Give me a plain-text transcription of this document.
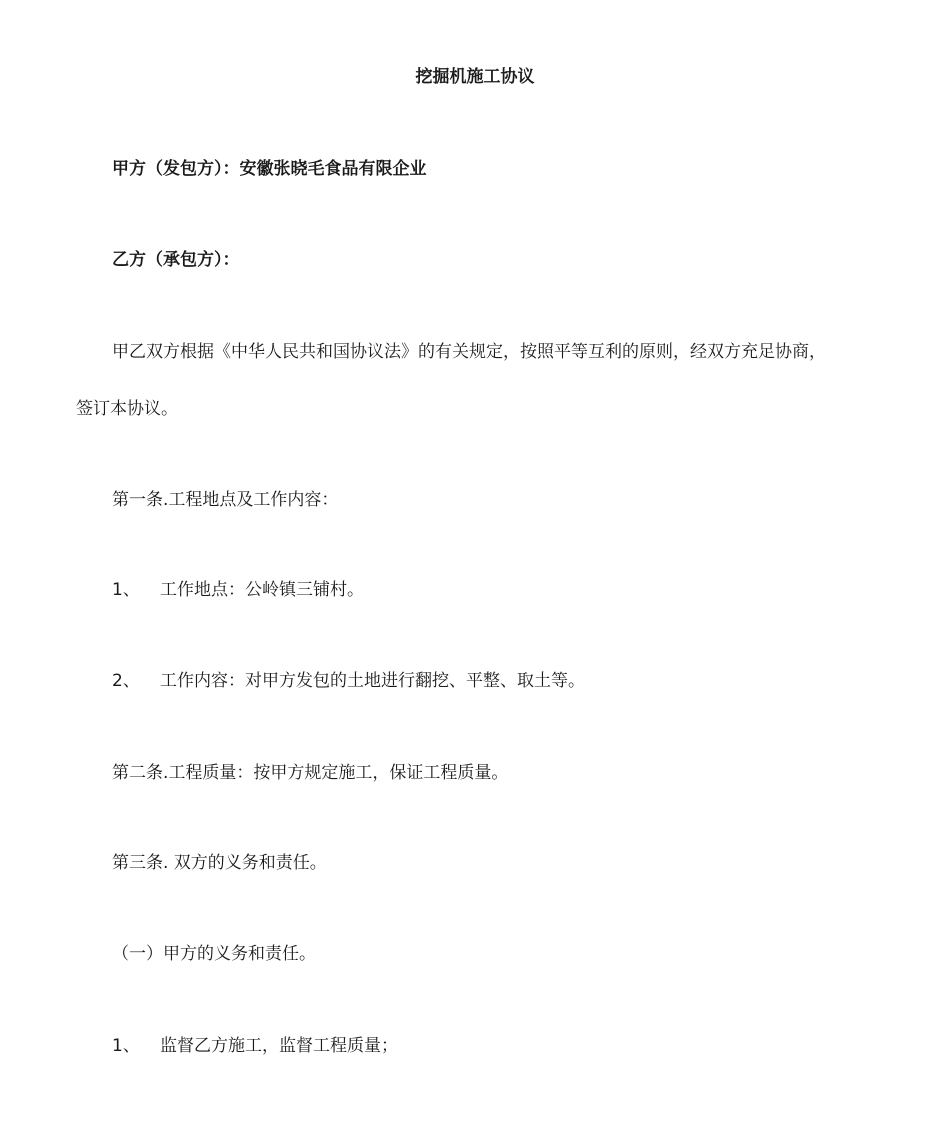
挖掘机施工协议
甲方（发包方）：安徽张晓毛食品有限企业
乙方（承包方）：
甲乙双方根据《中华人民共和国协议法》的有关规定，按照平等互利的原则，经双方充足协商，
签订本协议。
第一条.工程地点及工作内容：
1、 工作地点：公岭镇三铺村。
2、 工作内容：对甲方发包的土地进行翻挖、平整、取土等。
第二条.工程质量：按甲方规定施工，保证工程质量。
第三条. 双方的义务和责任。
（一）甲方的义务和责任。
1、 监督乙方施工，监督工程质量；
